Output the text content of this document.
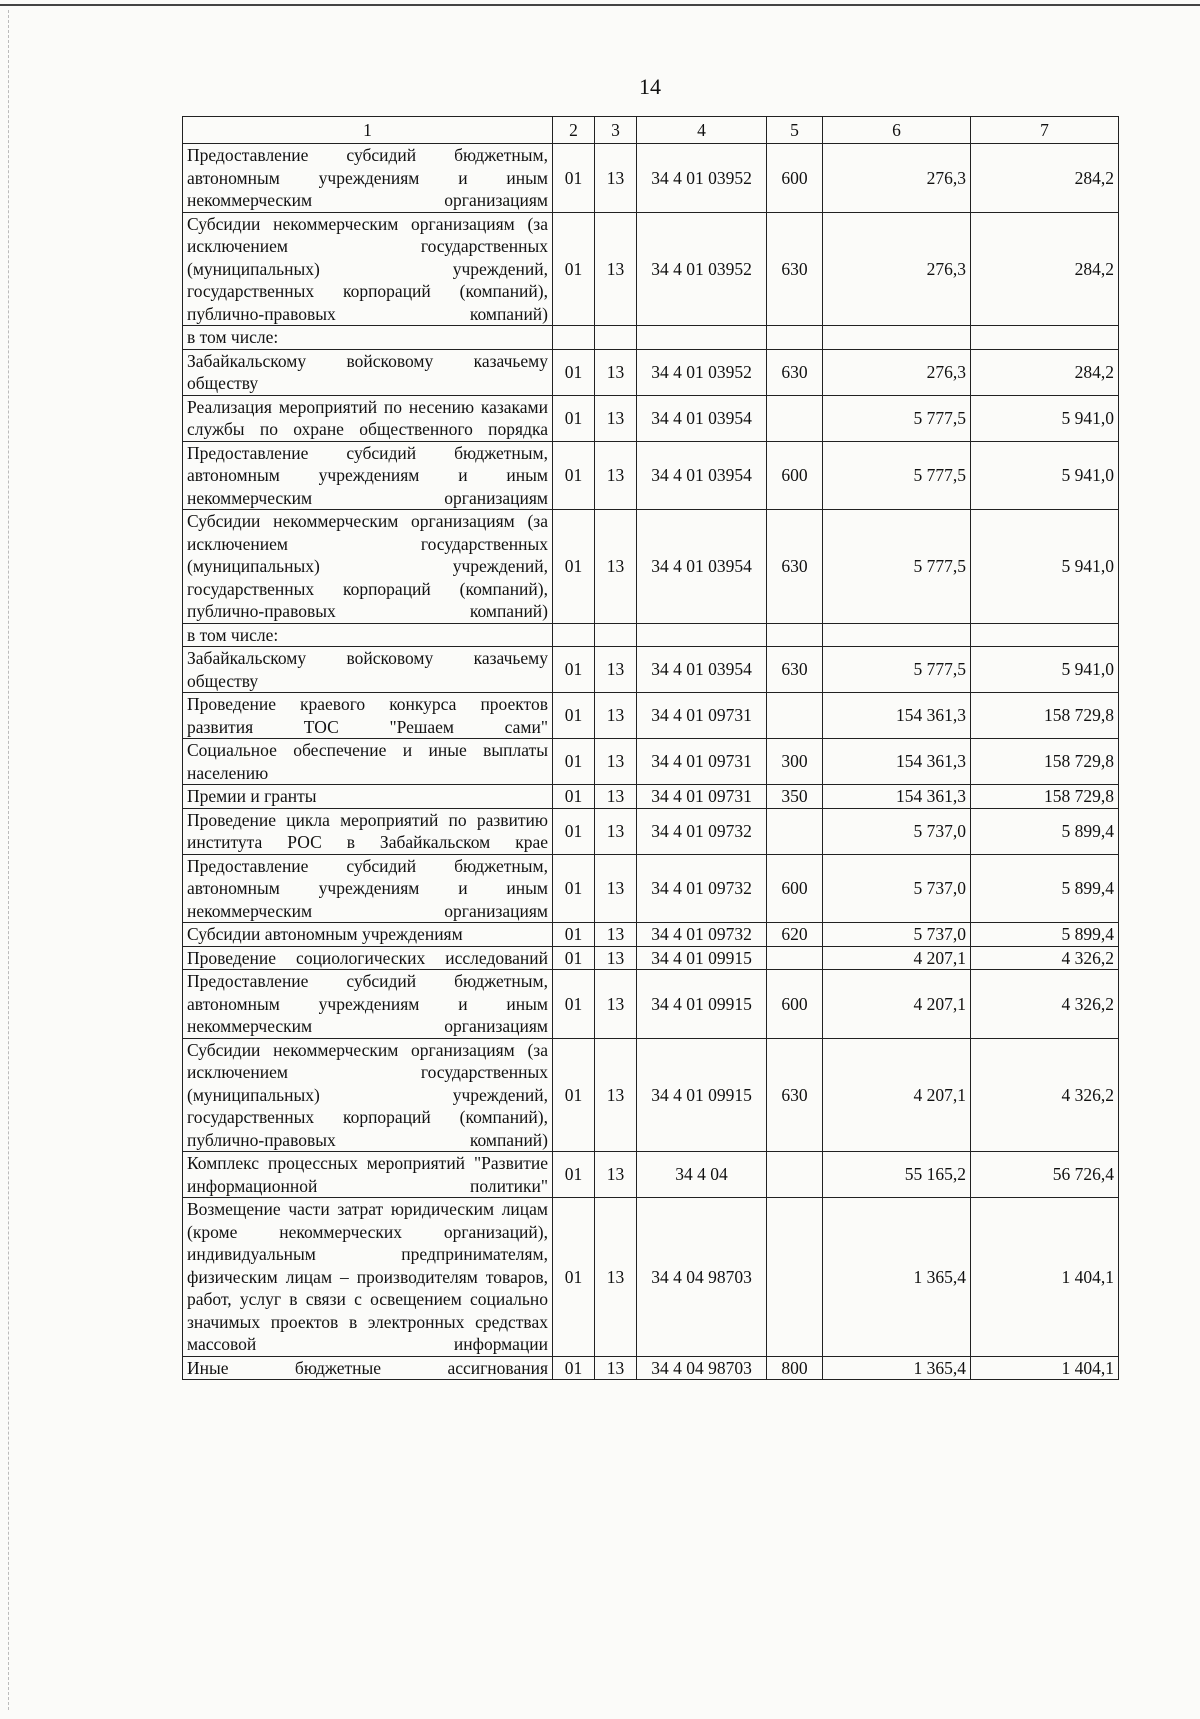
14
1	2	3	4	5	6	7
Предоставление субсидий бюджетным, автономным учреждениям и иным некоммерческим организациям	01	13	34 4 01 03952	600	276,3	284,2
Субсидии некоммерческим организациям (за исключением государственных (муниципальных) учреждений, государственных корпораций (компаний), публично-правовых компаний)	01	13	34 4 01 03952	630	276,3	284,2
в том числе:						
Забайкальскому войсковому казачьему обществу	01	13	34 4 01 03952	630	276,3	284,2
Реализация мероприятий по несению казаками службы по охране общественного порядка	01	13	34 4 01 03954		5 777,5	5 941,0
Предоставление субсидий бюджетным, автономным учреждениям и иным некоммерческим организациям	01	13	34 4 01 03954	600	5 777,5	5 941,0
Субсидии некоммерческим организациям (за исключением государственных (муниципальных) учреждений, государственных корпораций (компаний), публично-правовых компаний)	01	13	34 4 01 03954	630	5 777,5	5 941,0
в том числе:						
Забайкальскому войсковому казачьему обществу	01	13	34 4 01 03954	630	5 777,5	5 941,0
Проведение краевого конкурса проектов развития ТОС "Решаем сами"	01	13	34 4 01 09731		154 361,3	158 729,8
Социальное обеспечение и иные выплаты населению	01	13	34 4 01 09731	300	154 361,3	158 729,8
Премии и гранты	01	13	34 4 01 09731	350	154 361,3	158 729,8
Проведение цикла мероприятий по развитию института РОС в Забайкальском крае	01	13	34 4 01 09732		5 737,0	5 899,4
Предоставление субсидий бюджетным, автономным учреждениям и иным некоммерческим организациям	01	13	34 4 01 09732	600	5 737,0	5 899,4
Субсидии автономным учреждениям	01	13	34 4 01 09732	620	5 737,0	5 899,4
Проведение социологических исследований	01	13	34 4 01 09915		4 207,1	4 326,2
Предоставление субсидий бюджетным, автономным учреждениям и иным некоммерческим организациям	01	13	34 4 01 09915	600	4 207,1	4 326,2
Субсидии некоммерческим организациям (за исключением государственных (муниципальных) учреждений, государственных корпораций (компаний), публично-правовых компаний)	01	13	34 4 01 09915	630	4 207,1	4 326,2
Комплекс процессных мероприятий "Развитие информационной политики"	01	13	34 4 04		55 165,2	56 726,4
Возмещение части затрат юридическим лицам (кроме некоммерческих организаций), индивидуальным предпринимателям, физическим лицам – производителям товаров, работ, услуг в связи с освещением социально значимых проектов в электронных средствах массовой информации	01	13	34 4 04 98703		1 365,4	1 404,1
Иные бюджетные ассигнования	01	13	34 4 04 98703	800	1 365,4	1 404,1
